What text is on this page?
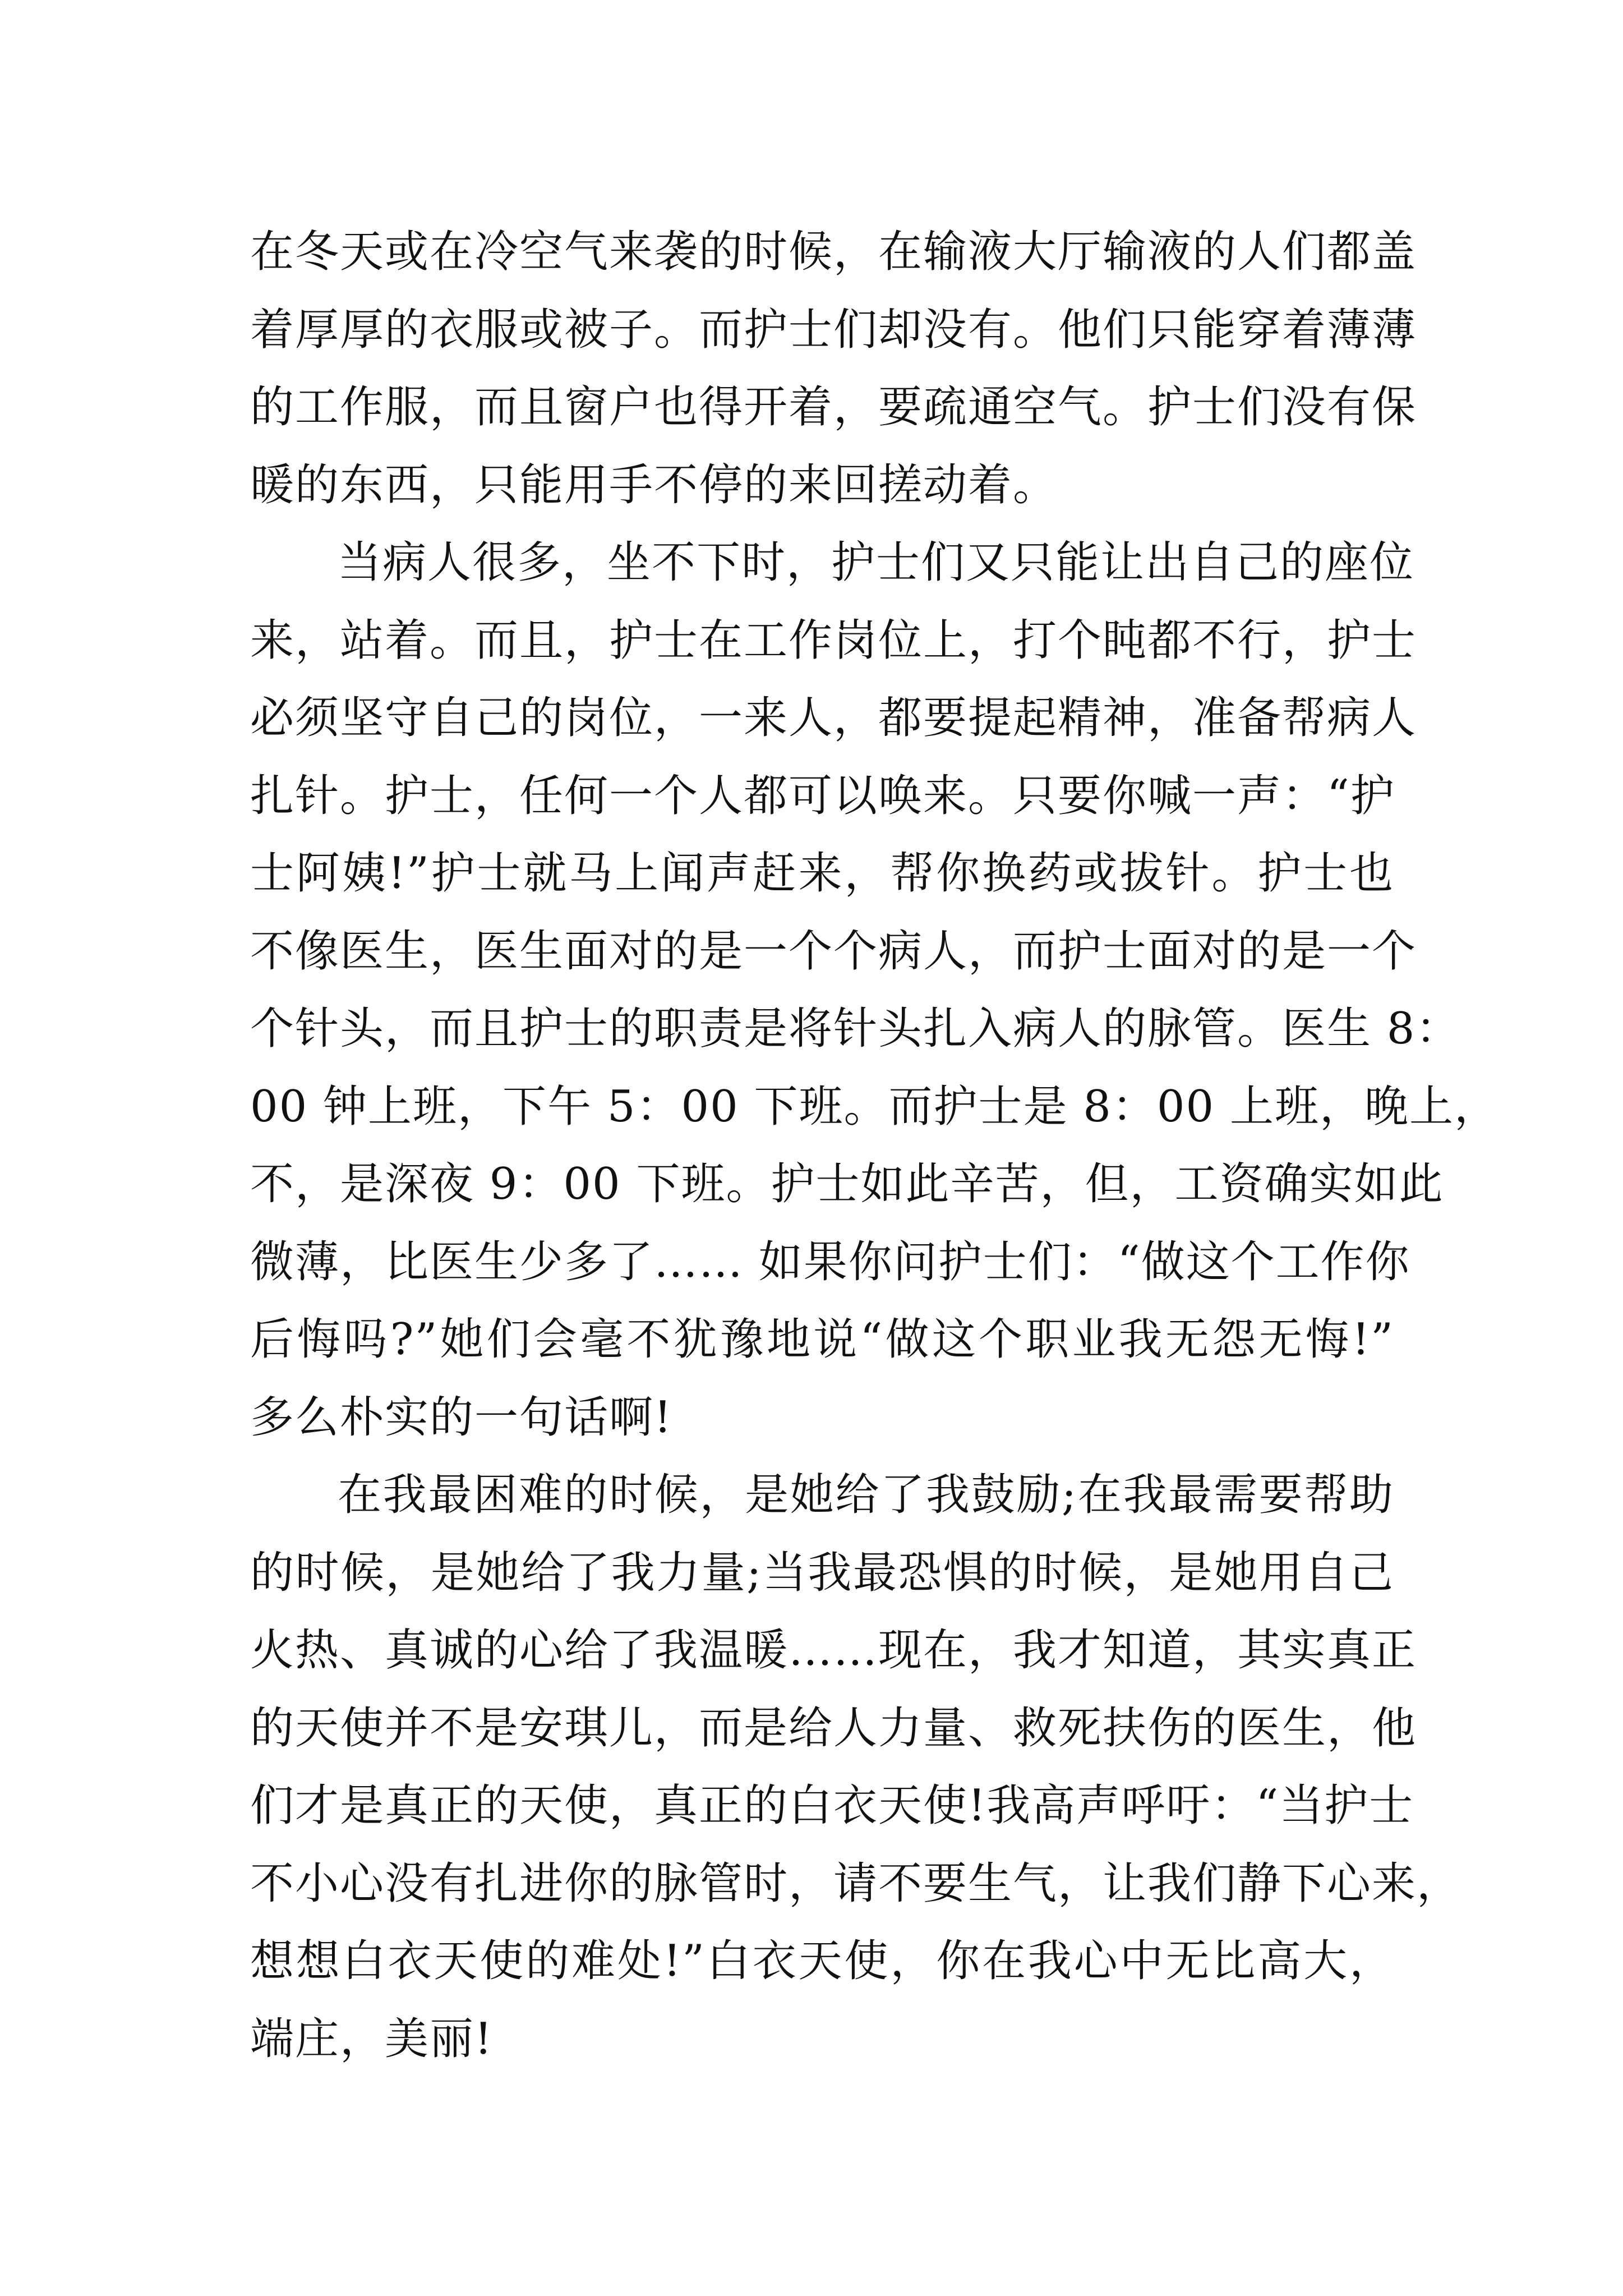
在冬天或在冷空气来袭的时候，在输液大厅输液的人们都盖
着厚厚的衣服或被子。而护士们却没有。他们只能穿着薄薄
的工作服，而且窗户也得开着，要疏通空气。护士们没有保
暖的东西，只能用手不停的来回搓动着。
当病人很多，坐不下时，护士们又只能让出自己的座位
来，站着。而且，护士在工作岗位上，打个盹都不行，护士
必须坚守自己的岗位，一来人，都要提起精神，准备帮病人
扎针。护士，任何一个人都可以唤来。只要你喊一声：“护
士阿姨!”护士就马上闻声赶来，帮你换药或拔针。护士也
不像医生，医生面对的是一个个病人，而护士面对的是一个
个针头，而且护士的职责是将针头扎入病人的脉管。医生 8：
00 钟上班，下午 5：00 下班。而护士是 8：00 上班，晚上，
不，是深夜 9：00 下班。护士如此辛苦，但，工资确实如此
微薄，比医生少多了…… 如果你问护士们：“做这个工作你
后悔吗?”她们会毫不犹豫地说“做这个职业我无怨无悔!”
多么朴实的一句话啊!
在我最困难的时候，是她给了我鼓励;在我最需要帮助
的时候，是她给了我力量;当我最恐惧的时候，是她用自己
火热、真诚的心给了我温暖……现在，我才知道，其实真正
的天使并不是安琪儿，而是给人力量、救死扶伤的医生，他
们才是真正的天使，真正的白衣天使!我高声呼吁：“当护士
不小心没有扎进你的脉管时，请不要生气，让我们静下心来，
想想白衣天使的难处!”白衣天使，你在我心中无比高大，
端庄，美丽!
